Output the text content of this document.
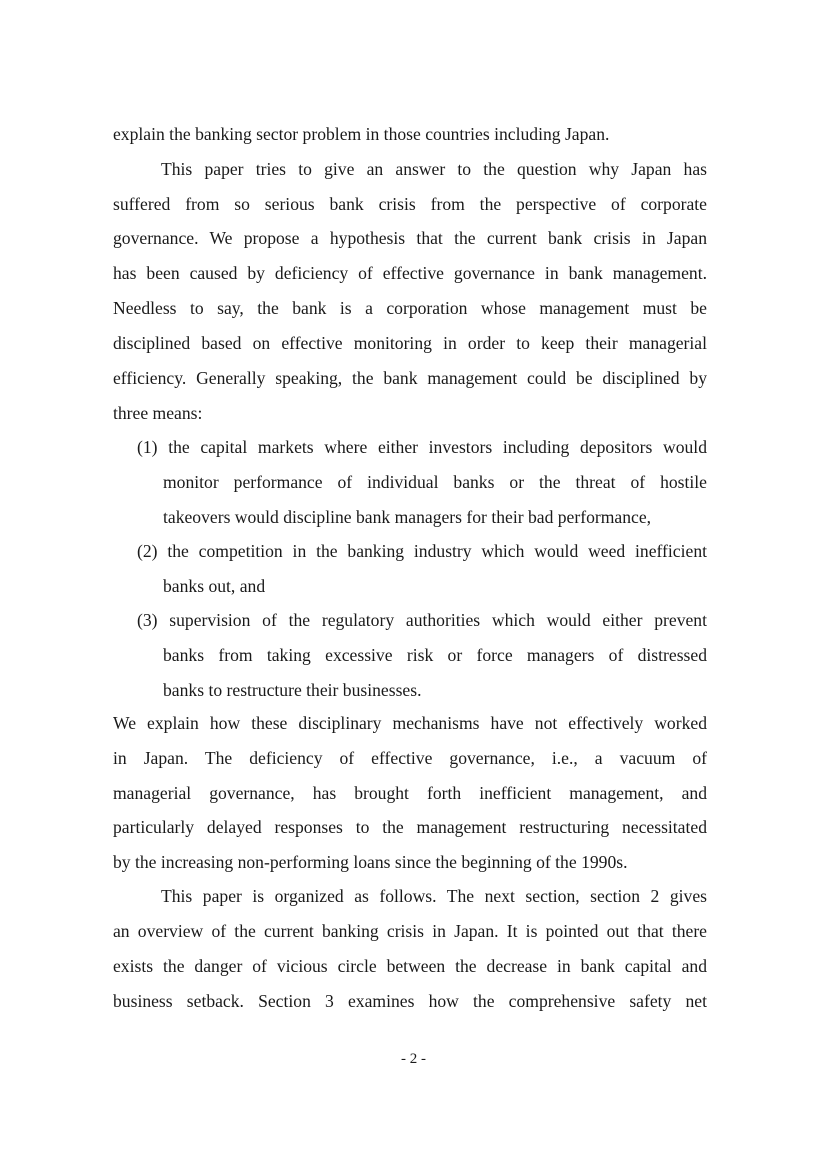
explain the banking sector problem in those countries including Japan.
This paper tries to give an answer to the question why Japan has
suffered from so serious bank crisis from the perspective of corporate
governance. We propose a hypothesis that the current bank crisis in Japan
has been caused by deficiency of effective governance in bank management.
Needless to say, the bank is a corporation whose management must be
disciplined based on effective monitoring in order to keep their managerial
efficiency. Generally speaking, the bank management could be disciplined by
three means:
(1) the capital markets where either investors including depositors would
monitor performance of individual banks or the threat of hostile
takeovers would discipline bank managers for their bad performance,
(2) the competition in the banking industry which would weed inefficient
banks out, and
(3) supervision of the regulatory authorities which would either prevent
banks from taking excessive risk or force managers of distressed
banks to restructure their businesses.
We explain how these disciplinary mechanisms have not effectively worked
in Japan. The deficiency of effective governance, i.e., a vacuum of
managerial governance, has brought forth inefficient management, and
particularly delayed responses to the management restructuring necessitated
by the increasing non-performing loans since the beginning of the 1990s.
This paper is organized as follows. The next section, section 2 gives
an overview of the current banking crisis in Japan. It is pointed out that there
exists the danger of vicious circle between the decrease in bank capital and
business setback. Section 3 examines how the comprehensive safety net
- 2 -
